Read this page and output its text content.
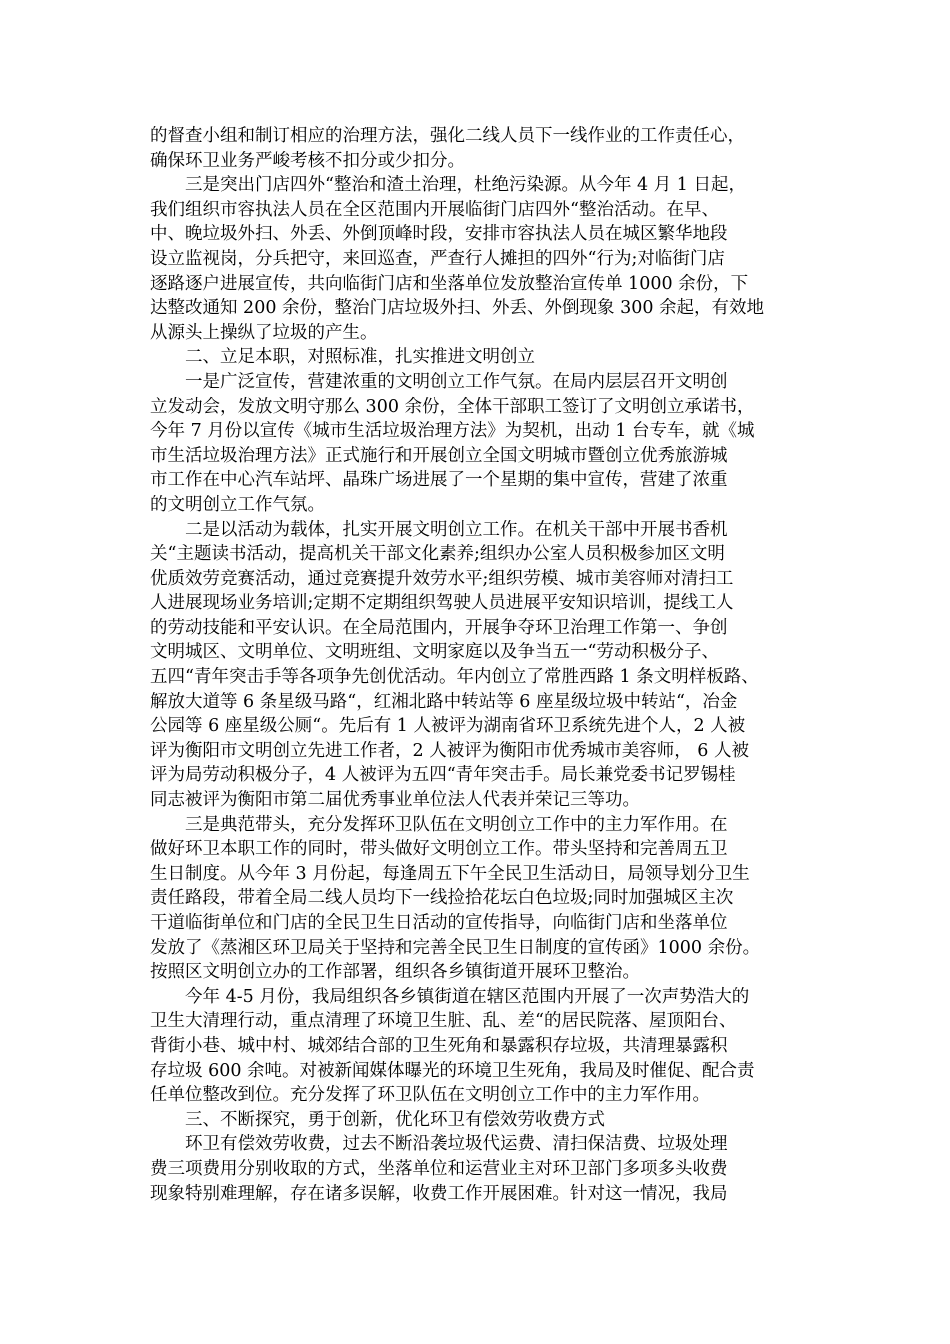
的督查小组和制订相应的治理方法，强化二线人员下一线作业的工作责任心，
确保环卫业务严峻考核不扣分或少扣分。
三是突出门店四外“整治和渣土治理，杜绝污染源。从今年 4 月 1 日起，
我们组织市容执法人员在全区范围内开展临街门店四外“整治活动。在早、
中、晚垃圾外扫、外丢、外倒顶峰时段，安排市容执法人员在城区繁华地段
设立监视岗，分兵把守，来回巡查，严查行人摊担的四外“行为;对临街门店
逐路逐户进展宣传，共向临街门店和坐落单位发放整治宣传单 1000 余份，下
达整改通知 200 余份，整治门店垃圾外扫、外丢、外倒现象 300 余起，有效地
从源头上操纵了垃圾的产生。
二、立足本职，对照标准，扎实推进文明创立
一是广泛宣传，营建浓重的文明创立工作气氛。在局内层层召开文明创
立发动会，发放文明守那么 300 余份，全体干部职工签订了文明创立承诺书，
今年 7 月份以宣传《城市生活垃圾治理方法》为契机，出动 1 台专车，就《城
市生活垃圾治理方法》正式施行和开展创立全国文明城市暨创立优秀旅游城
市工作在中心汽车站坪、晶珠广场进展了一个星期的集中宣传，营建了浓重
的文明创立工作气氛。
二是以活动为载体，扎实开展文明创立工作。在机关干部中开展书香机
关“主题读书活动，提高机关干部文化素养;组织办公室人员积极参加区文明
优质效劳竞赛活动，通过竞赛提升效劳水平;组织劳模、城市美容师对清扫工
人进展现场业务培训;定期不定期组织驾驶人员进展平安知识培训，提线工人
的劳动技能和平安认识。在全局范围内，开展争夺环卫治理工作第一、争创
文明城区、文明单位、文明班组、文明家庭以及争当五一“劳动积极分子、
五四“青年突击手等各项争先创优活动。年内创立了常胜西路 1 条文明样板路、
解放大道等 6 条星级马路“，红湘北路中转站等 6 座星级垃圾中转站“，冶金
公园等 6 座星级公厕“。先后有 1 人被评为湖南省环卫系统先进个人，2 人被
评为衡阳市文明创立先进工作者，2 人被评为衡阳市优秀城市美容师， 6 人被
评为局劳动积极分子，4 人被评为五四“青年突击手。局长兼党委书记罗锡桂
同志被评为衡阳市第二届优秀事业单位法人代表并荣记三等功。
三是典范带头，充分发挥环卫队伍在文明创立工作中的主力军作用。在
做好环卫本职工作的同时，带头做好文明创立工作。带头坚持和完善周五卫
生日制度。从今年 3 月份起，每逢周五下午全民卫生活动日，局领导划分卫生
责任路段，带着全局二线人员均下一线捡拾花坛白色垃圾;同时加强城区主次
干道临街单位和门店的全民卫生日活动的宣传指导，向临街门店和坐落单位
发放了《蒸湘区环卫局关于坚持和完善全民卫生日制度的宣传函》1000 余份。
按照区文明创立办的工作部署，组织各乡镇街道开展环卫整治。
今年 4-5 月份，我局组织各乡镇街道在辖区范围内开展了一次声势浩大的
卫生大清理行动，重点清理了环境卫生脏、乱、差“的居民院落、屋顶阳台、
背街小巷、城中村、城郊结合部的卫生死角和暴露积存垃圾，共清理暴露积
存垃圾 600 余吨。对被新闻媒体曝光的环境卫生死角，我局及时催促、配合责
任单位整改到位。充分发挥了环卫队伍在文明创立工作中的主力军作用。
三、不断探究，勇于创新，优化环卫有偿效劳收费方式
环卫有偿效劳收费，过去不断沿袭垃圾代运费、清扫保洁费、垃圾处理
费三项费用分别收取的方式，坐落单位和运营业主对环卫部门多项多头收费
现象特别难理解，存在诸多误解，收费工作开展困难。针对这一情况，我局
